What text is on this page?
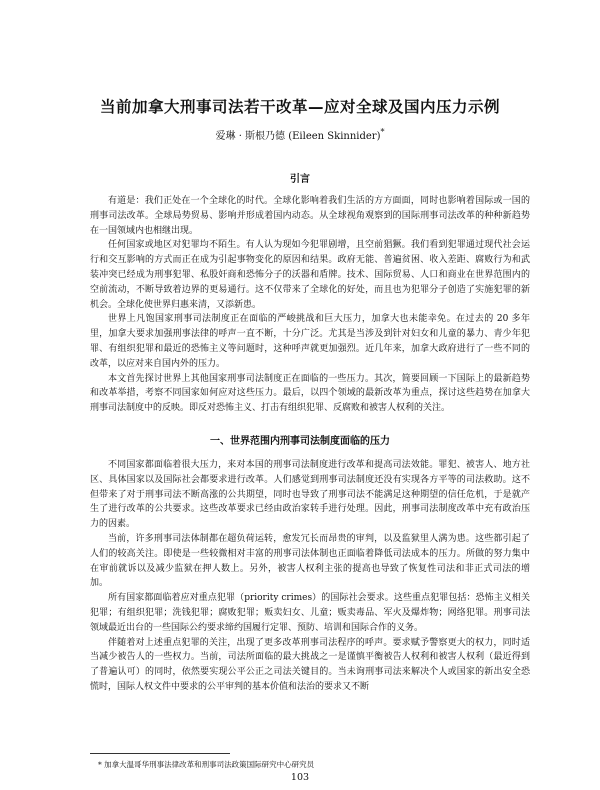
当前加拿大刑事司法若干改革—应对全球及国内压力示例
爱琳 · 斯根乃德 (Eileen Skinnider)*
引言

有道是：我们正处在一个全球化的时代。全球化影响着我们生活的方方面面，同时也影响着国际或一国的刑事司法改革。全球局势贸易、影响并形成着国内动态。从全球视角观察到的国际刑事司法改革的种种新趋势在一国领域内也相继出现。

任何国家或地区对犯罪均不陌生。有人认为现如今犯罪剧增，且空前猖獗。我们看到犯罪通过现代社会运行和交互影响的方式而正在成为引起事物变化的原因和结果。政府无能、普遍贫困、收入差距、腐败行为和武装冲突已经成为刑事犯罪、私股奸商和恐怖分子的沃器和盾牌。技术、国际贸易、人口和商业在世界范围内的空前流动，不断导致着边界的更易通行。这不仅带来了全球化的好处，而且也为犯罪分子创造了实施犯罪的新机会。全球化使世界归惠来清，又添新患。

世界上凡饱国家刑事司法制度正在面临的严峻挑战和巨大压力，加拿大也未能幸免。在过去的 20 多年里，加拿大要求加强刑事法律的呼声一直不断，十分广泛。尤其是当涉及到针对妇女和儿童的暴力、青少年犯罪、有组织犯罪和最近的恐怖主义等问题时，这种呼声就更加强烈。近几年来，加拿大政府进行了一些不同的改革，以应对来自国内外的压力。

本文首先探讨世界上其他国家刑事司法制度正在面临的一些压力。其次，简要回顾一下国际上的最新趋势和改革举措，考察不同国家如何应对这些压力。最后，以四个领域的最新改革为重点，探讨这些趋势在加拿大刑事司法制度中的反映。即反对恐怖主义、打击有组织犯罪、反腐败和被害人权利的关注。

一、世界范围内刑事司法制度面临的压力

不同国家都面临着很大压力，来对本国的刑事司法制度进行改革和提高司法效能。罪犯、被害人、地方社区、具体国家以及国际社会都要求进行改革。人们感觉到刑事司法制度还没有实现各方平等的司法救助。这不但带来了对于刑事司法不断高涨的公共期望，同时也导致了刑事司法不能满足这种期望的信任危机，于是就产生了进行改革的公共要求。这些改革要求已经由政治家转手进行处理。因此，刑事司法制度改革中充有政治压力的因素。

当前，许多刑事司法体制都在超负荷运转，愈发冗长而昂贵的审判，以及监狱里人满为患。这些都引起了人们的较高关注。即使是一些较微相对丰富的刑事司法体制也正面临着降低司法成本的压力。所做的努力集中在审前就诉以及减少监狱在押人数上。另外，被害人权利主张的提高也导致了恢复性司法和非正式司法的增加。

所有国家都面临着应对重点犯罪（priority crimes）的国际社会要求。这些重点犯罪包括：恐怖主义相关犯罪；有组织犯罪；洗钱犯罪；腐败犯罪；贩卖妇女、儿童；贩卖毒品、军火及爆炸物；网络犯罪。刑事司法领域最近出台的一些国际公约要求缔约国履行定罪、预防、培训和国际合作的义务。

伴随着对上述重点犯罪的关注，出现了更多改革刑事司法程序的呼声。要求赋予警察更大的权力，同时适当减少被告人的一些权力。当前，司法所面临的最大挑战之一是谨慎平衡被告人权利和被害人权利（最近得到了普遍认可）的同时，依然要实现公平公正之司法关键目的。当未询刑事司法来解决个人或国家的新出安全恐慌时，国际人权文件中要求的公平审判的基本价值和法治的要求又不断

* 加拿大温哥华刑事法律改革和刑事司法政策国际研究中心研究员
103
